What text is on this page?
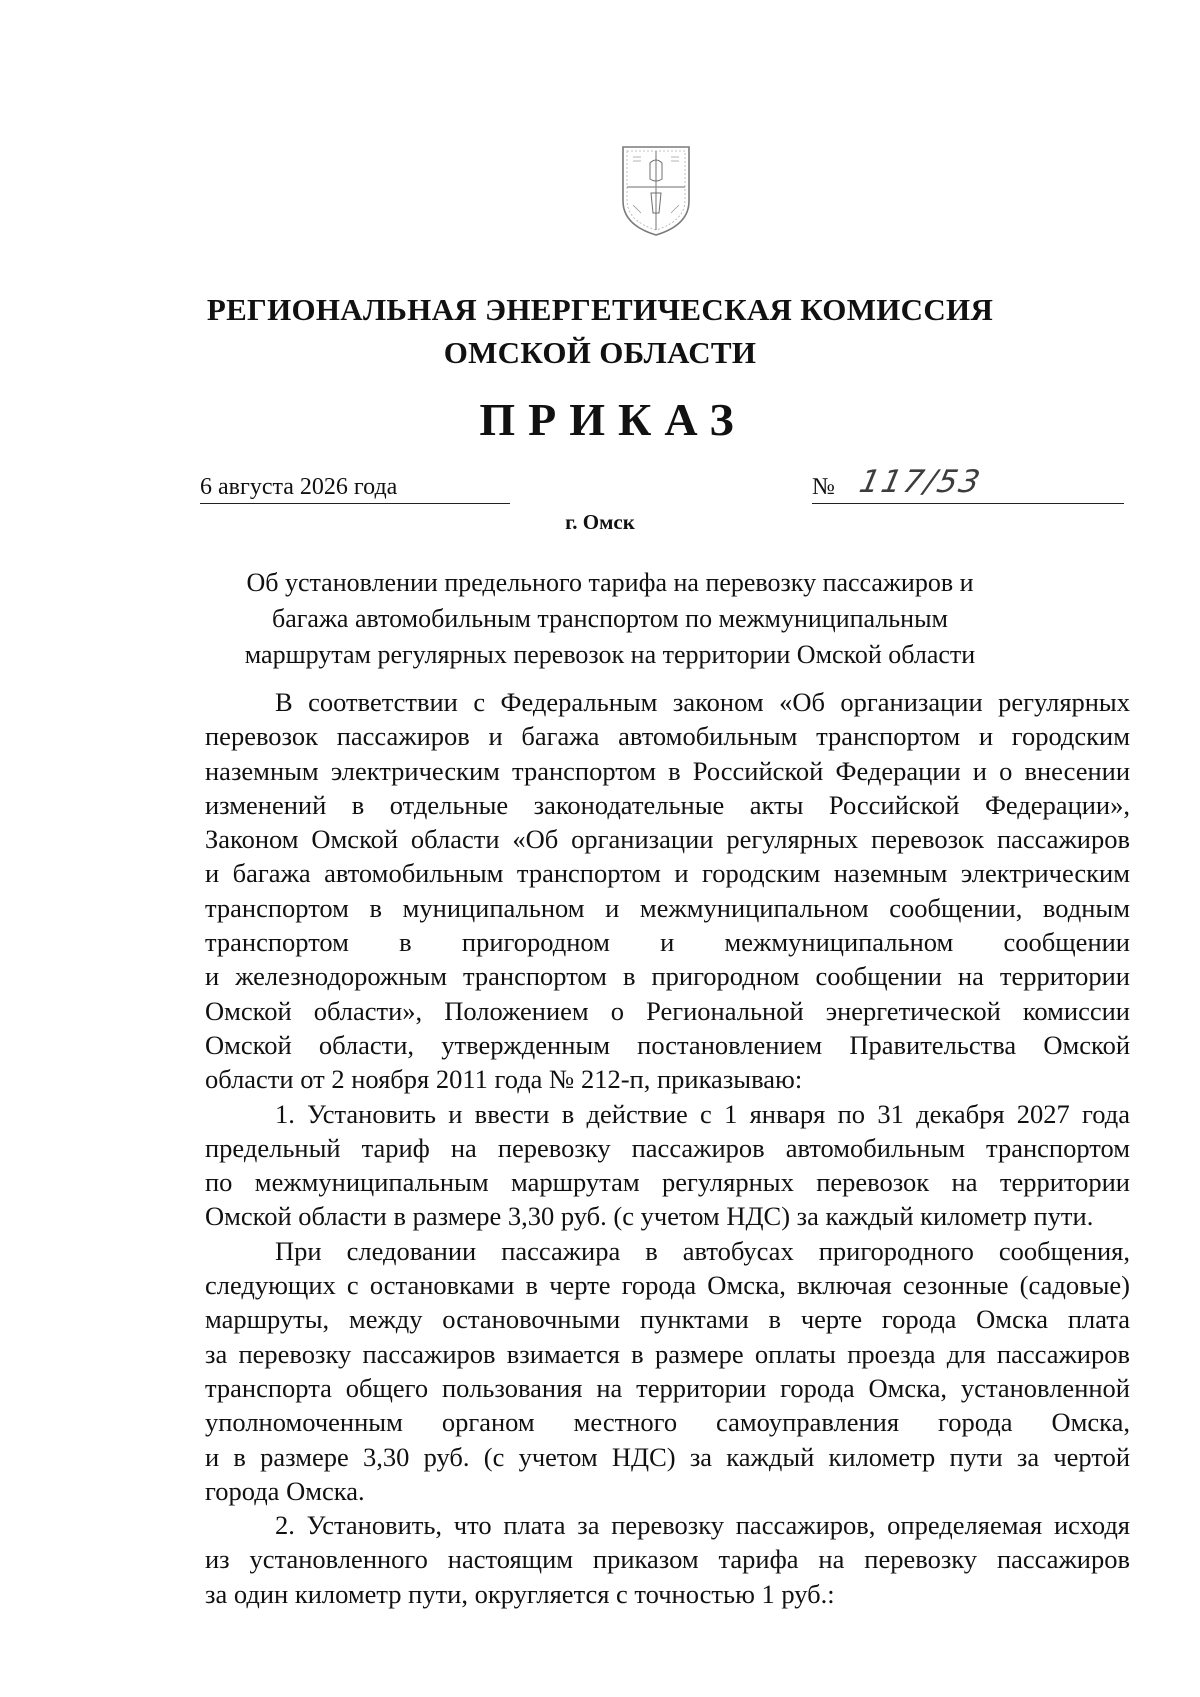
РЕГИОНАЛЬНАЯ ЭНЕРГЕТИЧЕСКАЯ КОМИССИЯ
ОМСКОЙ ОБЛАСТИ
ПРИКАЗ
6 августа 2026 года	№ 117/53
г. Омск
Об установлении предельного тарифа на перевозку пассажиров и
багажа автомобильным транспортом по межмуниципальным
маршрутам регулярных перевозок на территории Омской области
В соответствии с Федеральным законом «Об организации регулярных
перевозок пассажиров и багажа автомобильным транспортом и городским
наземным электрическим транспортом в Российской Федерации и о внесении
изменений в отдельные законодательные акты Российской Федерации»,
Законом Омской области «Об организации регулярных перевозок пассажиров
и багажа автомобильным транспортом и городским наземным электрическим
транспортом в муниципальном и межмуниципальном сообщении, водным
транспортом в пригородном и межмуниципальном сообщении
и железнодорожным транспортом в пригородном сообщении на территории
Омской области», Положением о Региональной энергетической комиссии
Омской области, утвержденным постановлением Правительства Омской
области от 2 ноября 2011 года № 212-п, приказываю:
1. Установить и ввести в действие с 1 января по 31 декабря 2027 года
предельный тариф на перевозку пассажиров автомобильным транспортом
по межмуниципальным маршрутам регулярных перевозок на территории
Омской области в размере 3,30 руб. (с учетом НДС) за каждый километр пути.
При следовании пассажира в автобусах пригородного сообщения,
следующих с остановками в черте города Омска, включая сезонные (садовые)
маршруты, между остановочными пунктами в черте города Омска плата
за перевозку пассажиров взимается в размере оплаты проезда для пассажиров
транспорта общего пользования на территории города Омска, установленной
уполномоченным органом местного самоуправления города Омска,
и в размере 3,30 руб. (с учетом НДС) за каждый километр пути за чертой
города Омска.
2. Установить, что плата за перевозку пассажиров, определяемая исходя
из установленного настоящим приказом тарифа на перевозку пассажиров
за один километр пути, округляется с точностью 1 руб.:
